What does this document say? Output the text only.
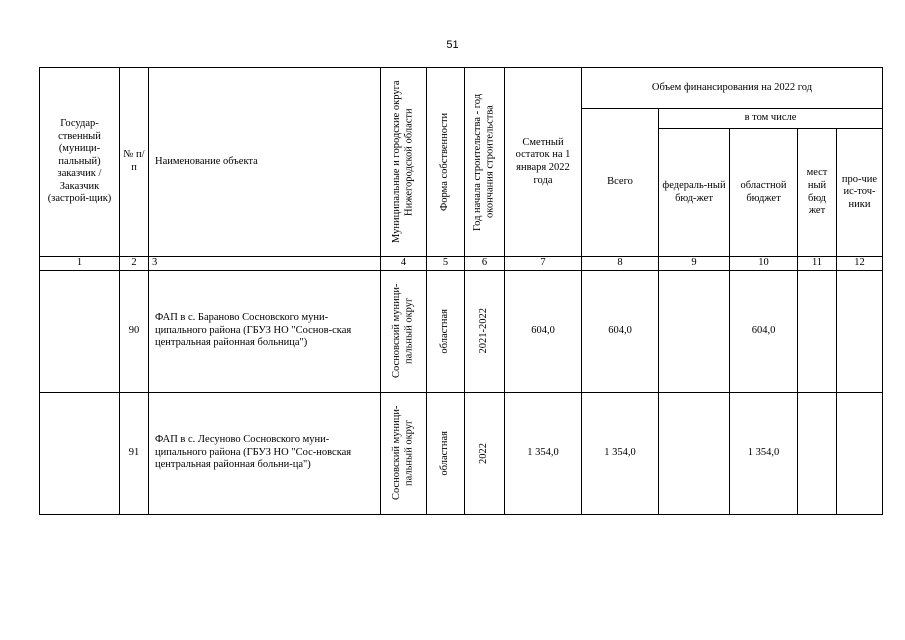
51
Государ-ственный (муници-пальный) заказчик / Заказчик (застрой-щик)	№ п/п	Наименование объекта	Муниципальные и городские округа Нижегородской области	Форма собственности	Год начала строительства - год окончания строительства	Сметный остаток на 1 января 2022 года	Объем финансирования на 2022 год				
							Всего	в том числе			
								федераль-ный бюд-жет	областной бюджет	мест ный бюд жет	про-чие ис-точ-ники
1	2	3	4	5	6	7	8	9	10	11	12
	90	ФАП в с. Бараново Сосновского муни-ципального района (ГБУЗ НО "Соснов-ская центральная районная больница")	Сосновский муници-пальный округ	областная	2021-2022	604,0	604,0		604,0		
	91	ФАП в с. Лесуново Сосновского муни-ципального района (ГБУЗ НО "Сос-новская центральная районная больни-ца")	Сосновский муници-пальный округ	областная	2022	1 354,0	1 354,0		1 354,0		
